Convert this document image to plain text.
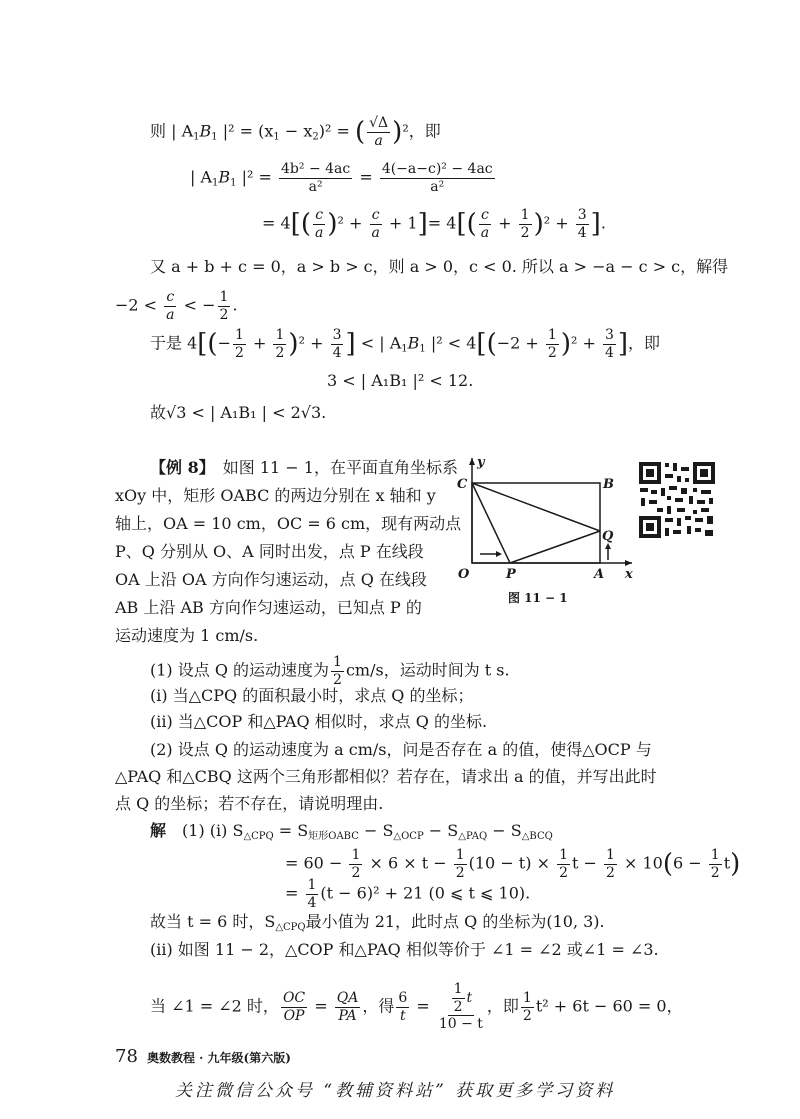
则 | $A_1B_1$ $|^2 = (x_1 - x_2)^2$ = ( $\frac{√\Delta}{a} )^2$，即
| $A_1B_1$ $|^2 = \frac{\text{4b² − 4ac}}{\text{a²}} = \frac{\text{4(−a−c)² − 4ac}}{\text{a²}}$
= $4[( \frac{c}{a} )^2 + \frac{c}{a} + 1]= 4[( \frac{c}{a} + \frac{1}{2} )^2 + \frac{3}{4}$ ].
又 a + b + c = 0，a > b > c，则 a > 0，c < 0. 所以 a > −a − c > c，解得
$-2 < \frac{c}{a}$ < − $\frac{1}{2}$ .
于是 $4[(- \frac{1}{2} + \frac{1}{2} )^2 + \frac{3}{4}$ ] < | $A_1B_1$ $|^2 < 4[(-2 + \frac{1}{2} )^2 + \frac{3}{4}$ ]，即
3 < | A₁B₁ |² < 12.
故√3 < | A₁B₁ | < 2√3.
【例 8】　 如图 11 − 1，在平面直角坐标系
xOy 中，矩形 OABC 的两边分别在 x 轴和 y
轴上，OA = 10 cm，OC = 6 cm，现有两动点
P、Q 分别从 O、A 同时出发，点 P 在线段
OA 上沿 OA 方向作匀速运动，点 Q 在线段
AB 上沿 AB 方向作匀速运动，已知点 P 的
运动速度为 1 cm/s.
y
x
C	B
Q
O	P	A
图 11 − 1
(1) 设点 Q 的运动速度为 $\frac{1}{2} cm/s$，运动时间为 t s.
(i) 当△CPQ 的面积最小时，求点 Q 的坐标；
(ii) 当△COP 和△PAQ 相似时，求点 Q 的坐标.
(2) 设点 Q 的运动速度为 a cm/s，问是否存在 a 的值，使得△OCP 与
△PAQ 和△CBQ 这两个三角形都相似？若存在，请求出 a 的值，并写出此时
点 Q 的坐标；若不存在，请说明理由.
解　 (1) (i) $S_{\triangle CPQ} = S_{矩形OABC} - S_{\triangle OCP} - S_{\triangle PAQ} - S_{\triangle BCQ}$
= $60 - \frac{1}{2} \times 6 \times t - \frac{1}{2} (10 - t) \times \frac{1}{2}$ $t - \frac{1}{2} \times 10(6 - \frac{1}{2} t)$
= $\frac{1}{4} (t - 6)^2 + 21$ (0 ⩽ t ⩽ 10).
故当 t = 6 时，$S_{\triangle CPQ}$最小值为 21，此时点 Q 的坐标为(10, 3).
(ii) 如图 11 − 2，△COP 和△PAQ 相似等价于 ∠1 = ∠2 或∠1 = ∠3.
当 ∠1 = ∠2 时， $\frac{OC}{OP} = \frac{QA}{PA}$ ，得 $\frac{6}{t} = \frac{\frac{1}{2} t}{10 - t}$ ，即 $\frac{1}{2} t^2 + 6t - 60 = 0$，
78 奥数教程 · 九年级(第六版)
关注微信公众号 “教辅资料站” 获取更多学习资料
